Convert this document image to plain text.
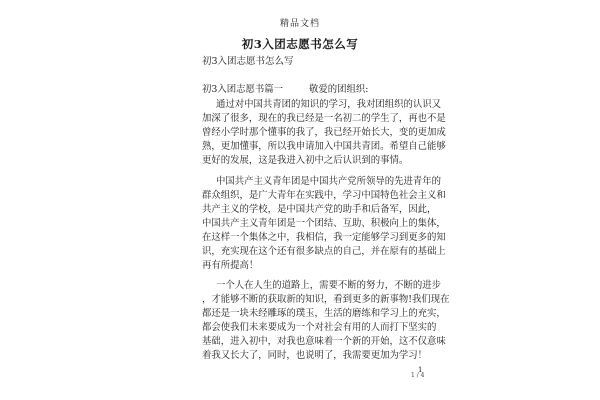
精品文档
初3入团志愿书怎么写
初3入团志愿书怎么写
初3入团志愿书篇一	敬爱的团组织:
通过对中国共青团的知识的学习，我对团组织的认识又
加深了很多，现在的我已经是一名初二的学生了，再也不是
曾经小学时那个懂事的我了，我已经开始长大，变的更加成
熟，更加懂事，所以我申请加入中国共青团。希望自己能够
更好的发展，这是我进入初中之后认识到的事情。
中国共产主义青年团是中国共产党所领导的先进青年的
群众组织，是广大青年在实践中，学习中国特色社会主义和
共产主义的学校，是中国共产党的助手和后备军，因此，
中国共产主义青年团是一个团结、互助、积极向上的集体，
在这样一个集体之中，我相信，我一定能够学习到更多的知
识，充实现在这个还有很多缺点的自己，并在原有的基础上
再有所提高！
一个人在人生的道路上，需要不断的努力，不断的进步
，才能够不断的获取新的知识，看到更多的新事物!我们现在
都还是一块未经雕琢的璞玉，生活的磨练和学习上的充实，
都会使我们未来要成为一个对社会有用的人而打下坚实的
基础，进入初中，对我也意味着一个新的开始，这不仅意味
着我又长大了，同时，也说明了，我需要更加为学习！
1 / 4
1
